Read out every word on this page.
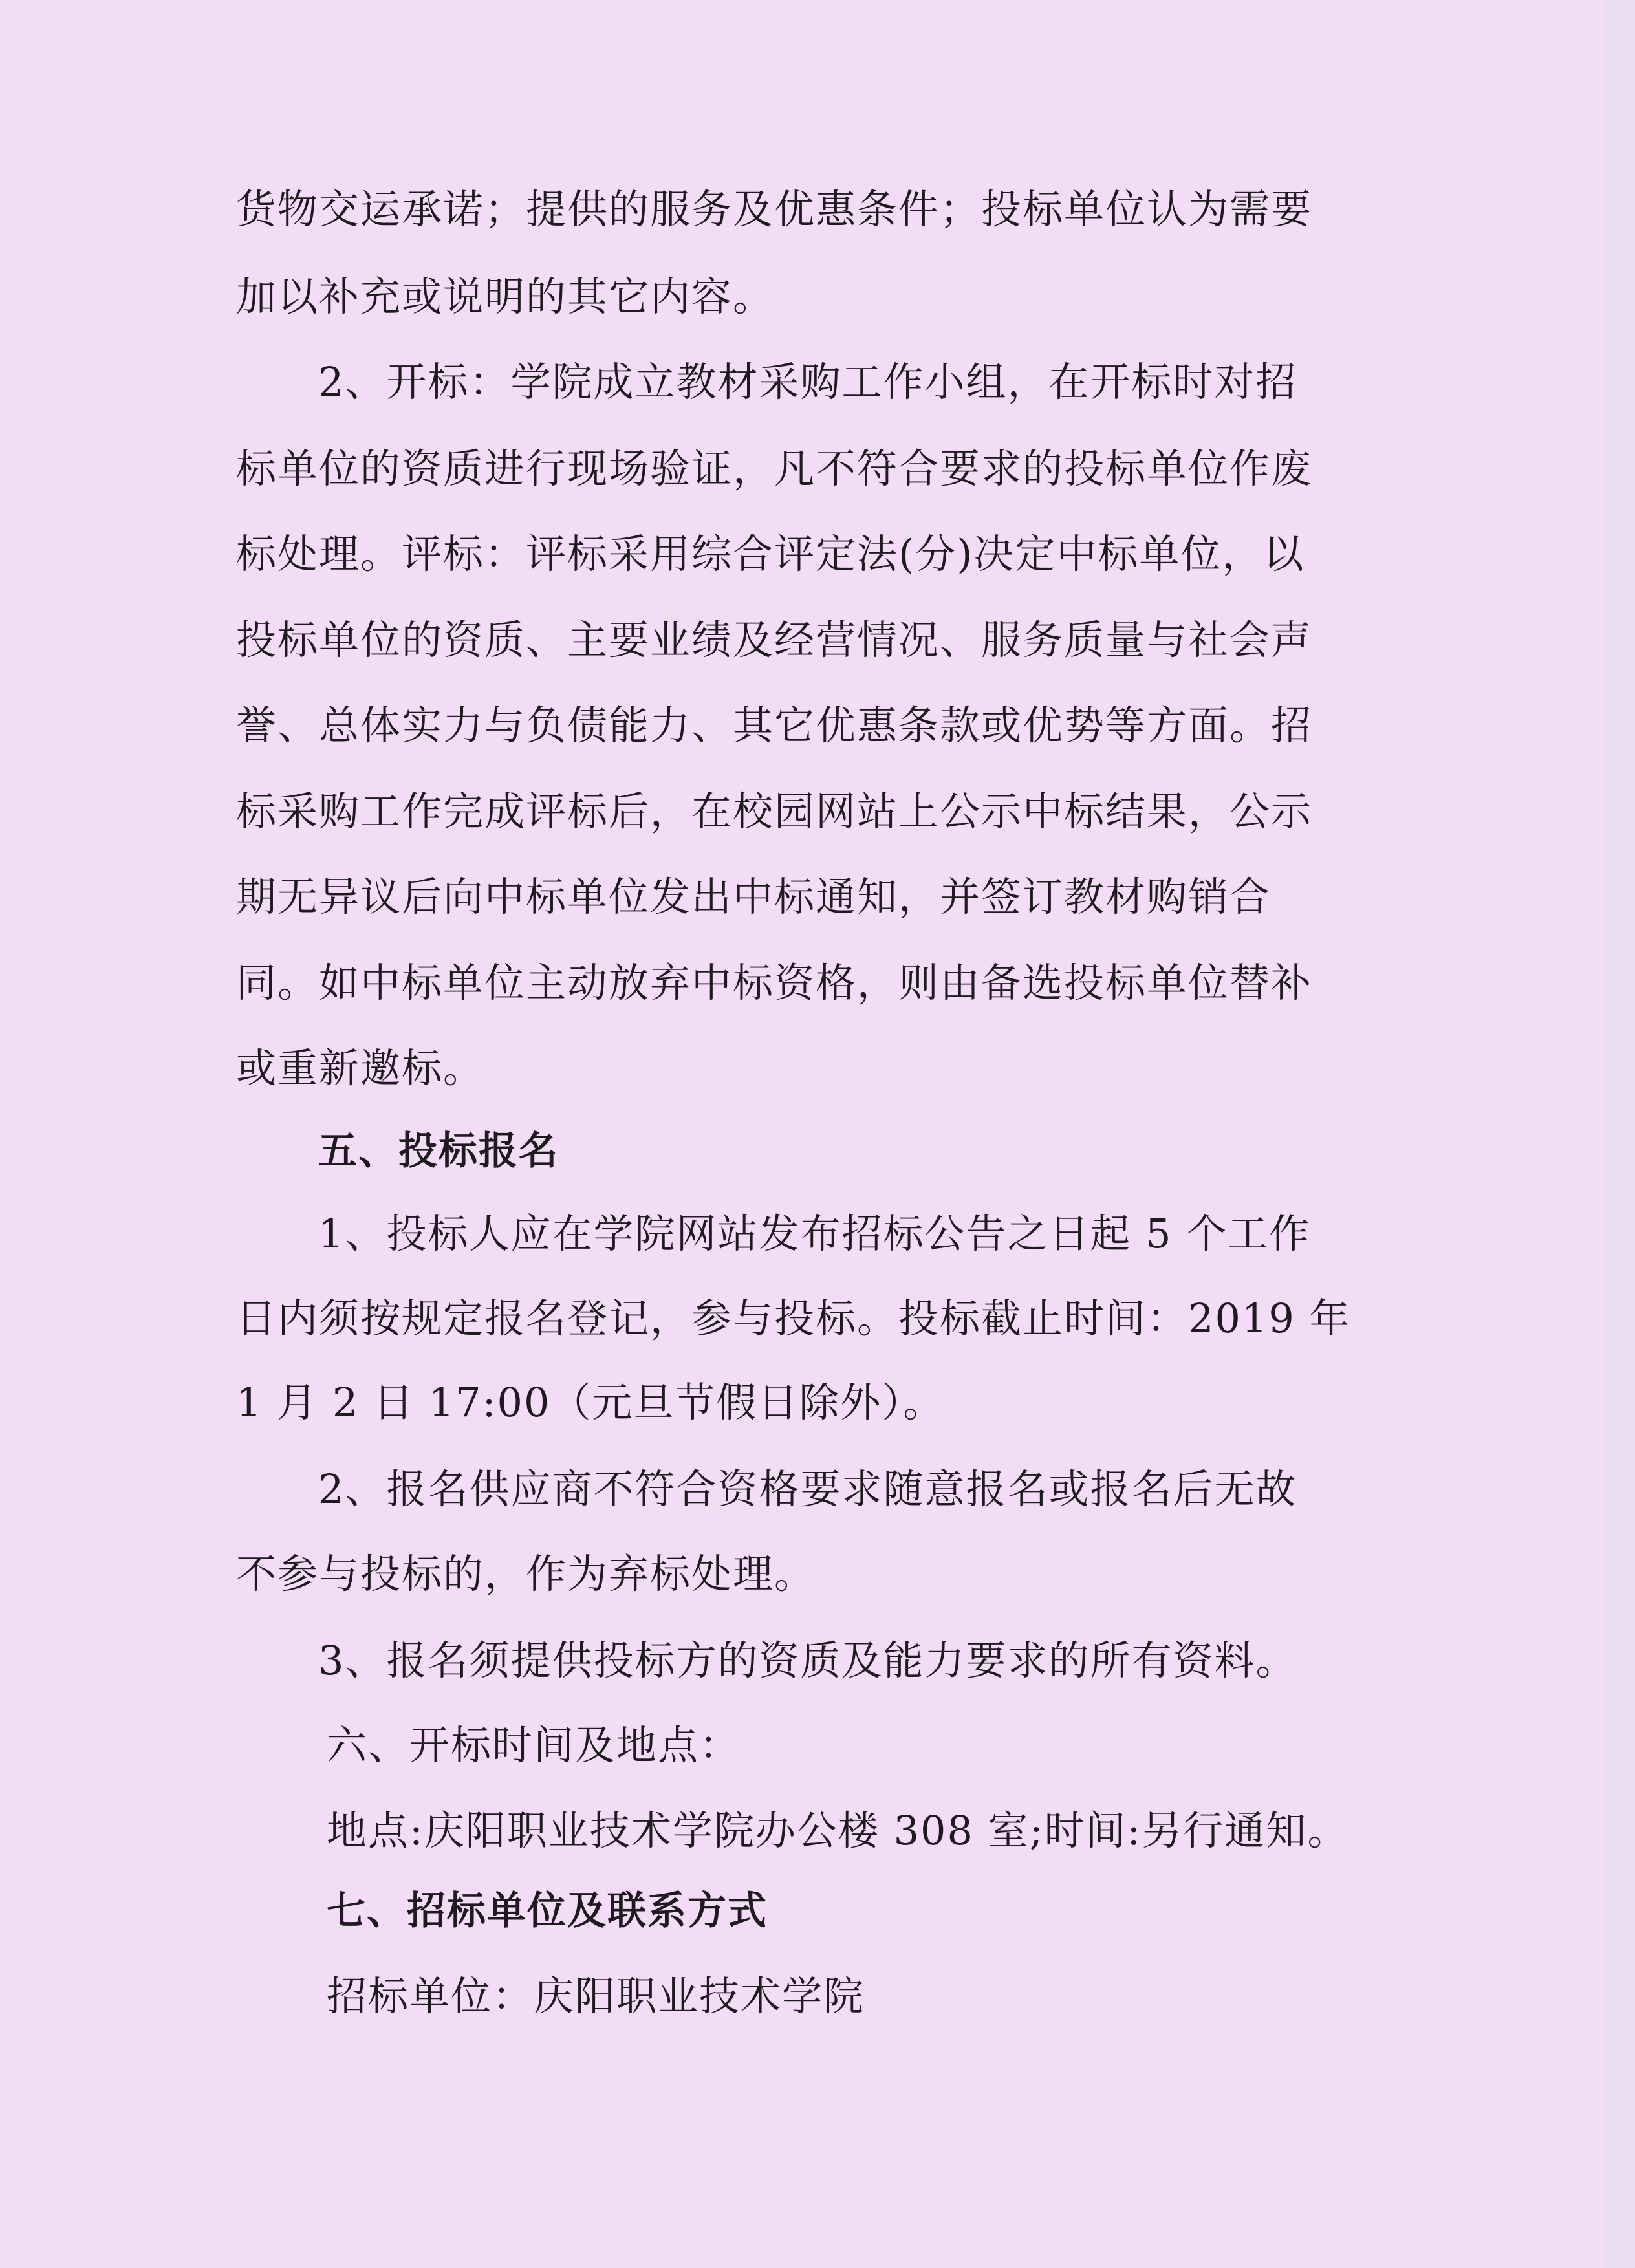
货物交运承诺；提供的服务及优惠条件；投标单位认为需要
加以补充或说明的其它内容。
2、开标：学院成立教材采购工作小组，在开标时对招
标单位的资质进行现场验证，凡不符合要求的投标单位作废
标处理。评标：评标采用综合评定法(分)决定中标单位，以
投标单位的资质、主要业绩及经营情况、服务质量与社会声
誉、总体实力与负债能力、其它优惠条款或优势等方面。招
标采购工作完成评标后，在校园网站上公示中标结果，公示
期无异议后向中标单位发出中标通知，并签订教材购销合
同。如中标单位主动放弃中标资格，则由备选投标单位替补
或重新邀标。
五、投标报名
1、投标人应在学院网站发布招标公告之日起 5 个工作
日内须按规定报名登记，参与投标。投标截止时间：2019 年
1 月 2 日 17:00（元旦节假日除外）。
2、报名供应商不符合资格要求随意报名或报名后无故
不参与投标的，作为弃标处理。
3、报名须提供投标方的资质及能力要求的所有资料。
六、开标时间及地点：
地点:庆阳职业技术学院办公楼 308 室;时间:另行通知。
七、招标单位及联系方式
招标单位：庆阳职业技术学院
